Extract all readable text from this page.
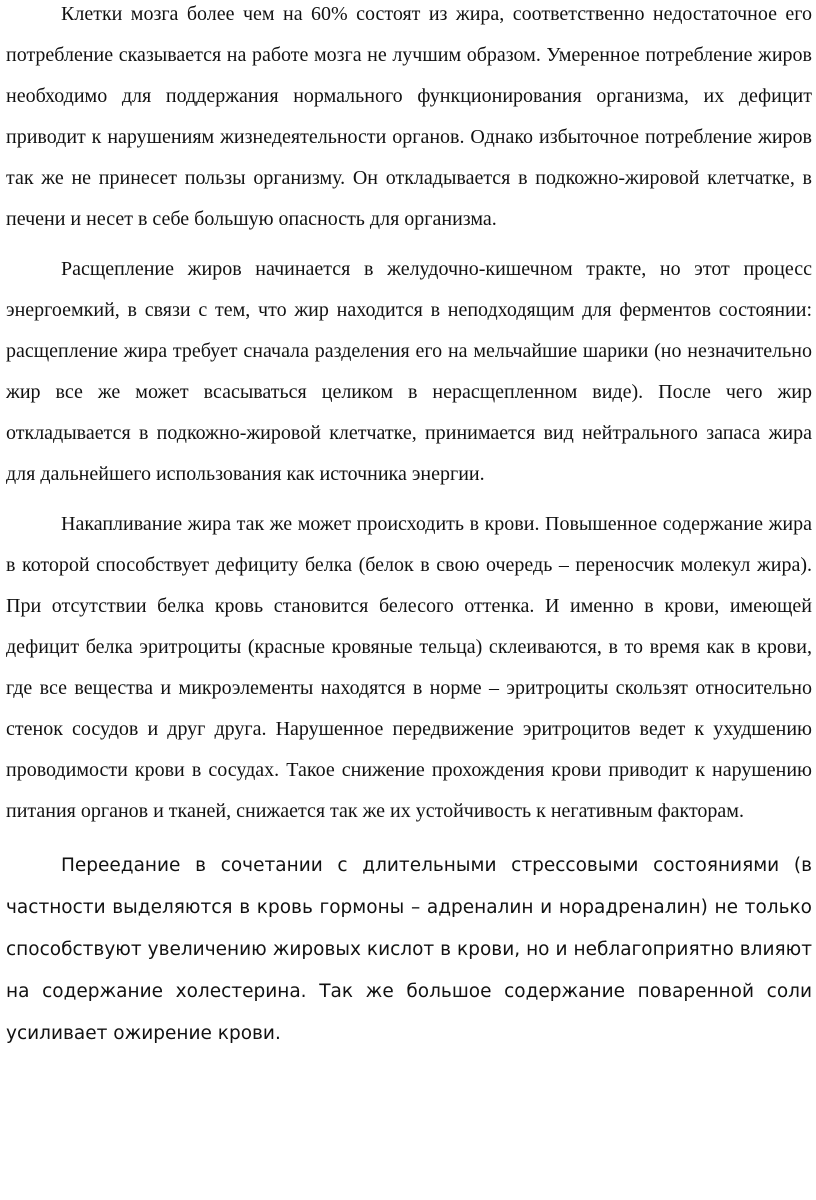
Клетки мозга более чем на 60% состоят из жира, соответственно недостаточное его потребление сказывается на работе мозга не лучшим образом. Умеренное потребление жиров необходимо для поддержания нормального функционирования организма, их дефицит приводит к нарушениям жизнедеятельности органов. Однако избыточное потребление жиров так же не принесет пользы организму. Он откладывается в подкожно-жировой клетчатке, в печени и несет в себе большую опасность для организма.

Расщепление жиров начинается в желудочно-кишечном тракте, но этот процесс энергоемкий, в связи с тем, что жир находится в неподходящим для ферментов состоянии: расщепление жира требует сначала разделения его на мельчайшие шарики (но незначительно жир все же может всасываться целиком в нерасщепленном виде). После чего жир откладывается в подкожно-жировой клетчатке, принимается вид нейтрального запаса жира для дальнейшего использования как источника энергии.

Накапливание жира так же может происходить в крови. Повышенное содержание жира в которой способствует дефициту белка (белок в свою очередь – переносчик молекул жира). При отсутствии белка кровь становится белесого оттенка. И именно в крови, имеющей дефицит белка эритроциты (красные кровяные тельца) склеиваются, в то время как в крови, где все вещества и микроэлементы находятся в норме – эритроциты скользят относительно стенок сосудов и друг друга. Нарушенное передвижение эритроцитов ведет к ухудшению проводимости крови в сосудах. Такое снижение прохождения крови приводит к нарушению питания органов и тканей, снижается так же их устойчивость к негативным факторам.

Переедание в сочетании с длительными стрессовыми состояниями (в частности выделяются в кровь гормоны – адреналин и норадреналин) не только способствуют увеличению жировых кислот в крови, но и неблагоприятно влияют на содержание холестерина. Так же большое содержание поваренной соли усиливает ожирение крови.
